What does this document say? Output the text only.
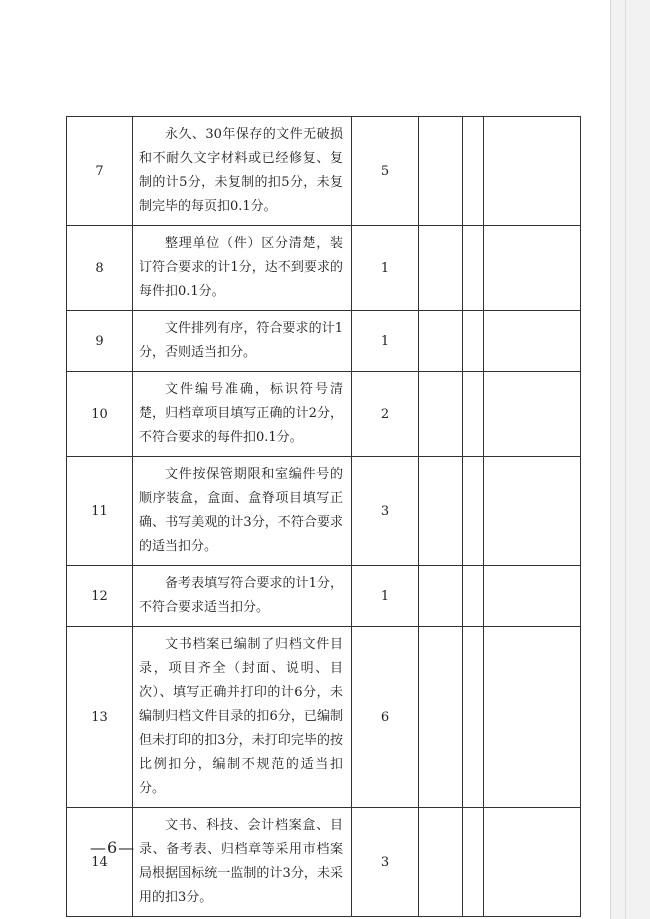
7	永久、30年保存的文件无破损和不耐久文字材料或已经修复、复制的计5分，未复制的扣5分，未复制完毕的每页扣0.1分。	5			
8	整理单位（件）区分清楚，装订符合要求的计1分，达不到要求的每件扣0.1分。	1			
9	文件排列有序，符合要求的计1分，否则适当扣分。	1			
10	文件编号准确，标识符号清楚，归档章项目填写正确的计2分，不符合要求的每件扣0.1分。	2			
11	文件按保管期限和室编件号的顺序装盒，盒面、盒脊项目填写正确、书写美观的计3分，不符合要求的适当扣分。	3			
12	备考表填写符合要求的计1分，不符合要求适当扣分。	1			
13	文书档案已编制了归档文件目录，项目齐全（封面、说明、目次）、填写正确并打印的计6分，未编制归档文件目录的扣6分，已编制但未打印的扣3分，未打印完毕的按比例扣分，编制不规范的适当扣分。	6			
14	文书、科技、会计档案盒、目录、备考表、归档章等采用市档案局根据国标统一监制的计3分，未采用的扣3分。	3			
—6—
